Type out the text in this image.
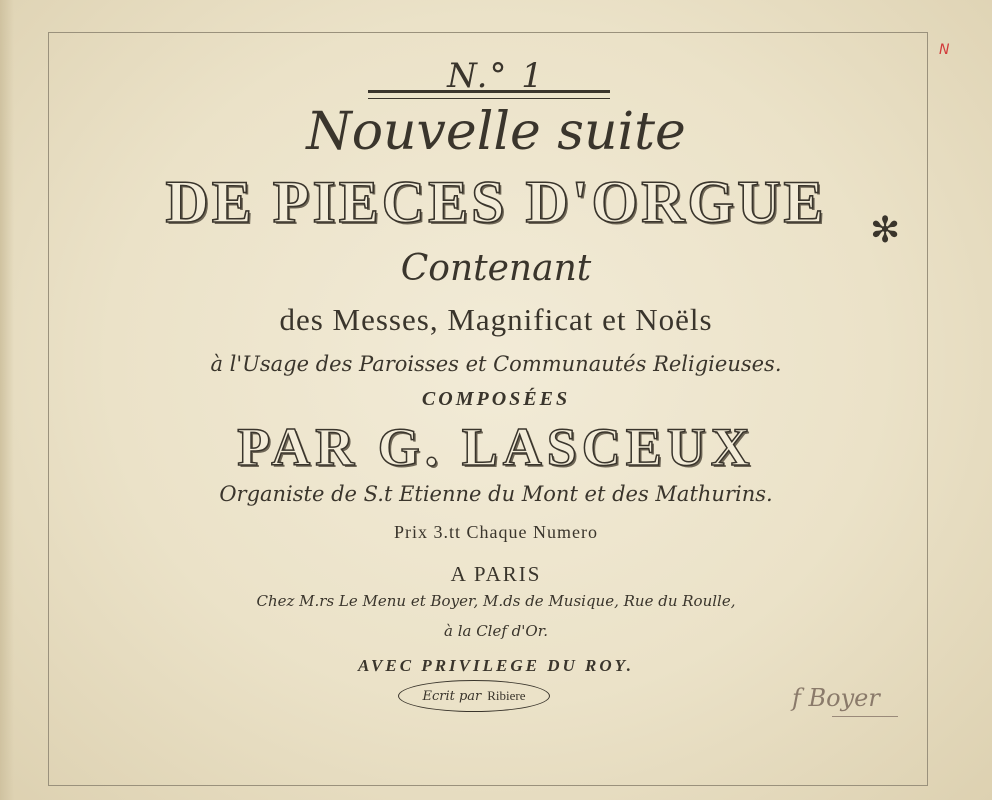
N
N.° 1
Nouvelle suite
DE PIECES D'ORGUE	✻
Contenant
des Messes, Magnificat et Noëls
à l'Usage des Paroisses et Communautés Religieuses.
COMPOSÉES
PAR G. LASCEUX
Organiste de S.t Etienne du Mont et des Mathurins.
Prix 3.tt Chaque Numero
A PARIS
Chez M.rs Le Menu et Boyer, M.ds de Musique, Rue du Roulle,
à la Clef d'Or.
AVEC PRIVILEGE DU ROY.
Ecrit par Ribiere	f Boyer
